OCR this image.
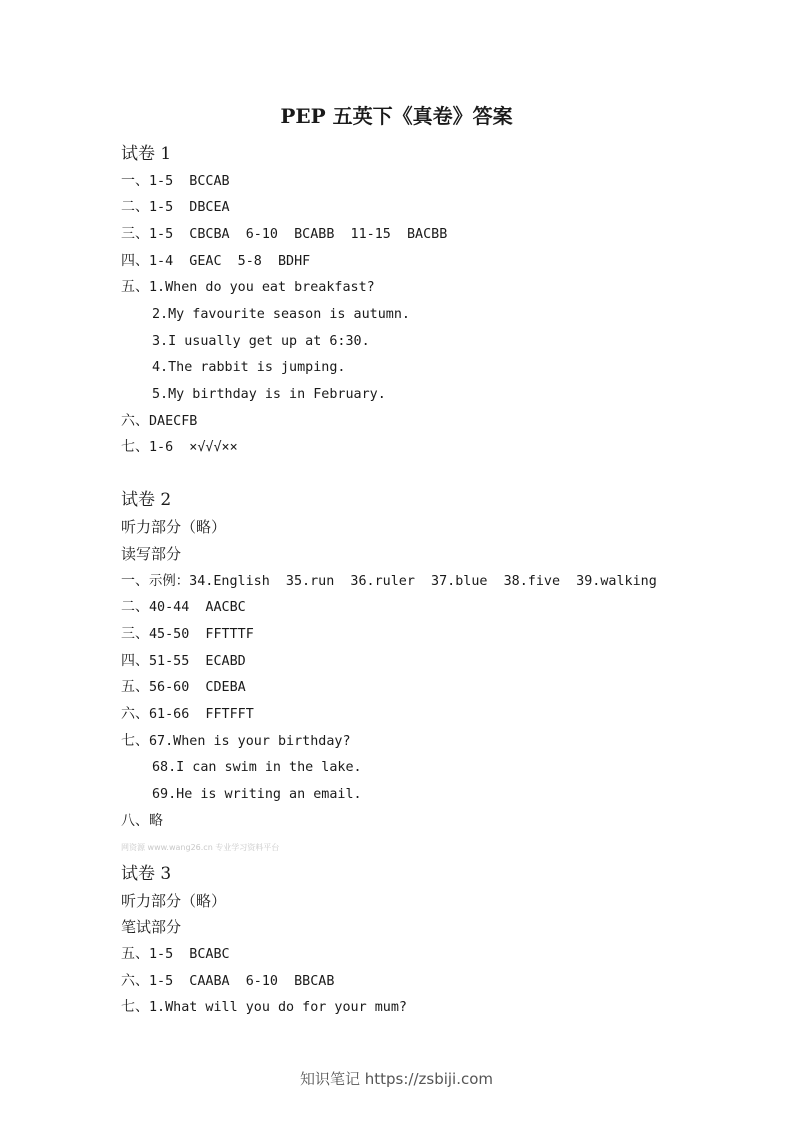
PEP 五英下《真卷》答案
试卷 1
一、1-5  BCCAB
二、1-5  DBCEA
三、1-5  CBCBA  6-10  BCABB  11-15  BACBB
四、1-4  GEAC  5-8  BDHF
五、1.When do you eat breakfast?
2.My favourite season is autumn.
3.I usually get up at 6:30.
4.The rabbit is jumping.
5.My birthday is in February.
六、DAECFB
七、1-6  ×√√√××
试卷 2
听力部分（略）
读写部分
一、示例：34.English  35.run  36.ruler  37.blue  38.five  39.walking
二、40-44  AACBC
三、45-50  FFTTTF
四、51-55  ECABD
五、56-60  CDEBA
六、61-66  FFTFFT
七、67.When is your birthday?
68.I can swim in the lake.
69.He is writing an email.
八、略
网资源 www.wang26.cn 专业学习资料平台
试卷 3
听力部分（略）
笔试部分
五、1-5  BCABC
六、1-5  CAABA  6-10  BBCAB
七、1.What will you do for your mum?
知识笔记 https://zsbiji.com
